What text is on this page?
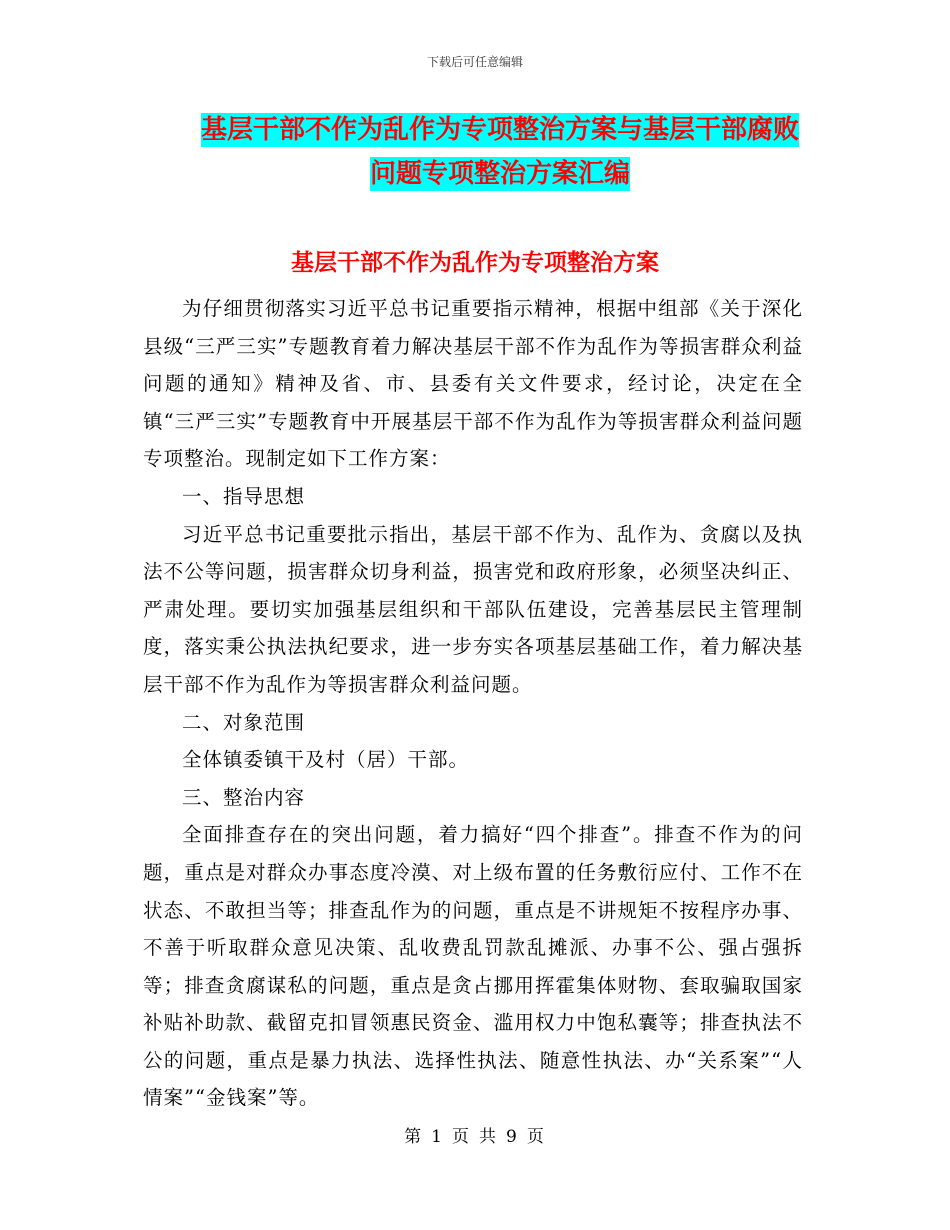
下载后可任意编辑
基层干部不作为乱作为专项整治方案与基层干部腐败
问题专项整治方案汇编
基层干部不作为乱作为专项整治方案

为仔细贯彻落实习近平总书记重要指示精神，根据中组部《关于深化县级“三严三实”专题教育着力解决基层干部不作为乱作为等损害群众利益问题的通知》精神及省、市、县委有关文件要求，经讨论，决定在全镇“三严三实”专题教育中开展基层干部不作为乱作为等损害群众利益问题专项整治。现制定如下工作方案：

一、指导思想

习近平总书记重要批示指出，基层干部不作为、乱作为、贪腐以及执法不公等问题，损害群众切身利益，损害党和政府形象，必须坚决纠正、严肃处理。要切实加强基层组织和干部队伍建设，完善基层民主管理制度，落实秉公执法执纪要求，进一步夯实各项基层基础工作，着力解决基层干部不作为乱作为等损害群众利益问题。

二、对象范围

全体镇委镇干及村（居）干部。

三、整治内容

全面排查存在的突出问题，着力搞好“四个排查”。排查不作为的问题，重点是对群众办事态度冷漠、对上级布置的任务敷衍应付、工作不在状态、不敢担当等；排查乱作为的问题，重点是不讲规矩不按程序办事、不善于听取群众意见决策、乱收费乱罚款乱摊派、办事不公、强占强拆等；排查贪腐谋私的问题，重点是贪占挪用挥霍集体财物、套取骗取国家补贴补助款、截留克扣冒领惠民资金、滥用权力中饱私囊等；排查执法不公的问题，重点是暴力执法、选择性执法、随意性执法、办“关系案”“人情案”“金钱案”等。

第 1 页 共 9 页
